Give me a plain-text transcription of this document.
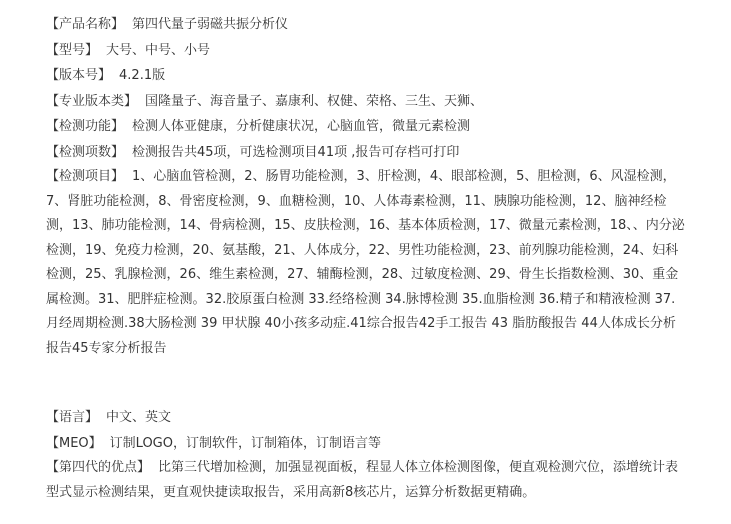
【产品名称】 第四代量子弱磁共振分析仪
【型号】 大号、中号、小号
【版本号】 4.2.1版
【专业版本类】 国隆量子、海音量子、嘉康利、权健、荣格、三生、天狮、
【检测功能】 检测人体亚健康，分析健康状况，心脑血管，微量元素检测
【检测项数】 检测报告共45项，可选检测项目41项 ,报告可存档可打印
【检测项目】 1、心脑血管检测，2、肠胃功能检测，3、肝检测，4、眼部检测，5、胆检测，6、风湿检测，7、肾脏功能检测，8、骨密度检测，9、血糖检测，10、人体毒素检测，11、胰腺功能检测，12、脑神经检测，13、肺功能检测，14、骨病检测，15、皮肤检测，16、基本体质检测，17、微量元素检测，18、、内分泌检测，19、免疫力检测，20、氨基酸，21、人体成分，22、男性功能检测，23、前列腺功能检测，24、妇科检测，25、乳腺检测，26、维生素检测，27、辅酶检测，28、过敏度检测、29、骨生长指数检测、30、重金属检测。31、肥胖症检测。32.胶原蛋白检测 33.经络检测 34.脉博检测 35.血脂检测 36.精子和精液检测 37. 月经周期检测.38大肠检测 39 甲状腺 40小孩多动症.41综合报告42手工报告 43 脂肪酸报告 44人体成长分析报告45专家分析报告
【语言】 中文、英文
【MEO】 订制LOGO，订制软件，订制箱体，订制语言等
【第四代的优点】 比第三代增加检测，加强显视面板，程显人体立体检测图像，便直观检测穴位，添增统计表型式显示检测结果，更直观快捷读取报告，采用高新8核芯片，运算分析数据更精确。
